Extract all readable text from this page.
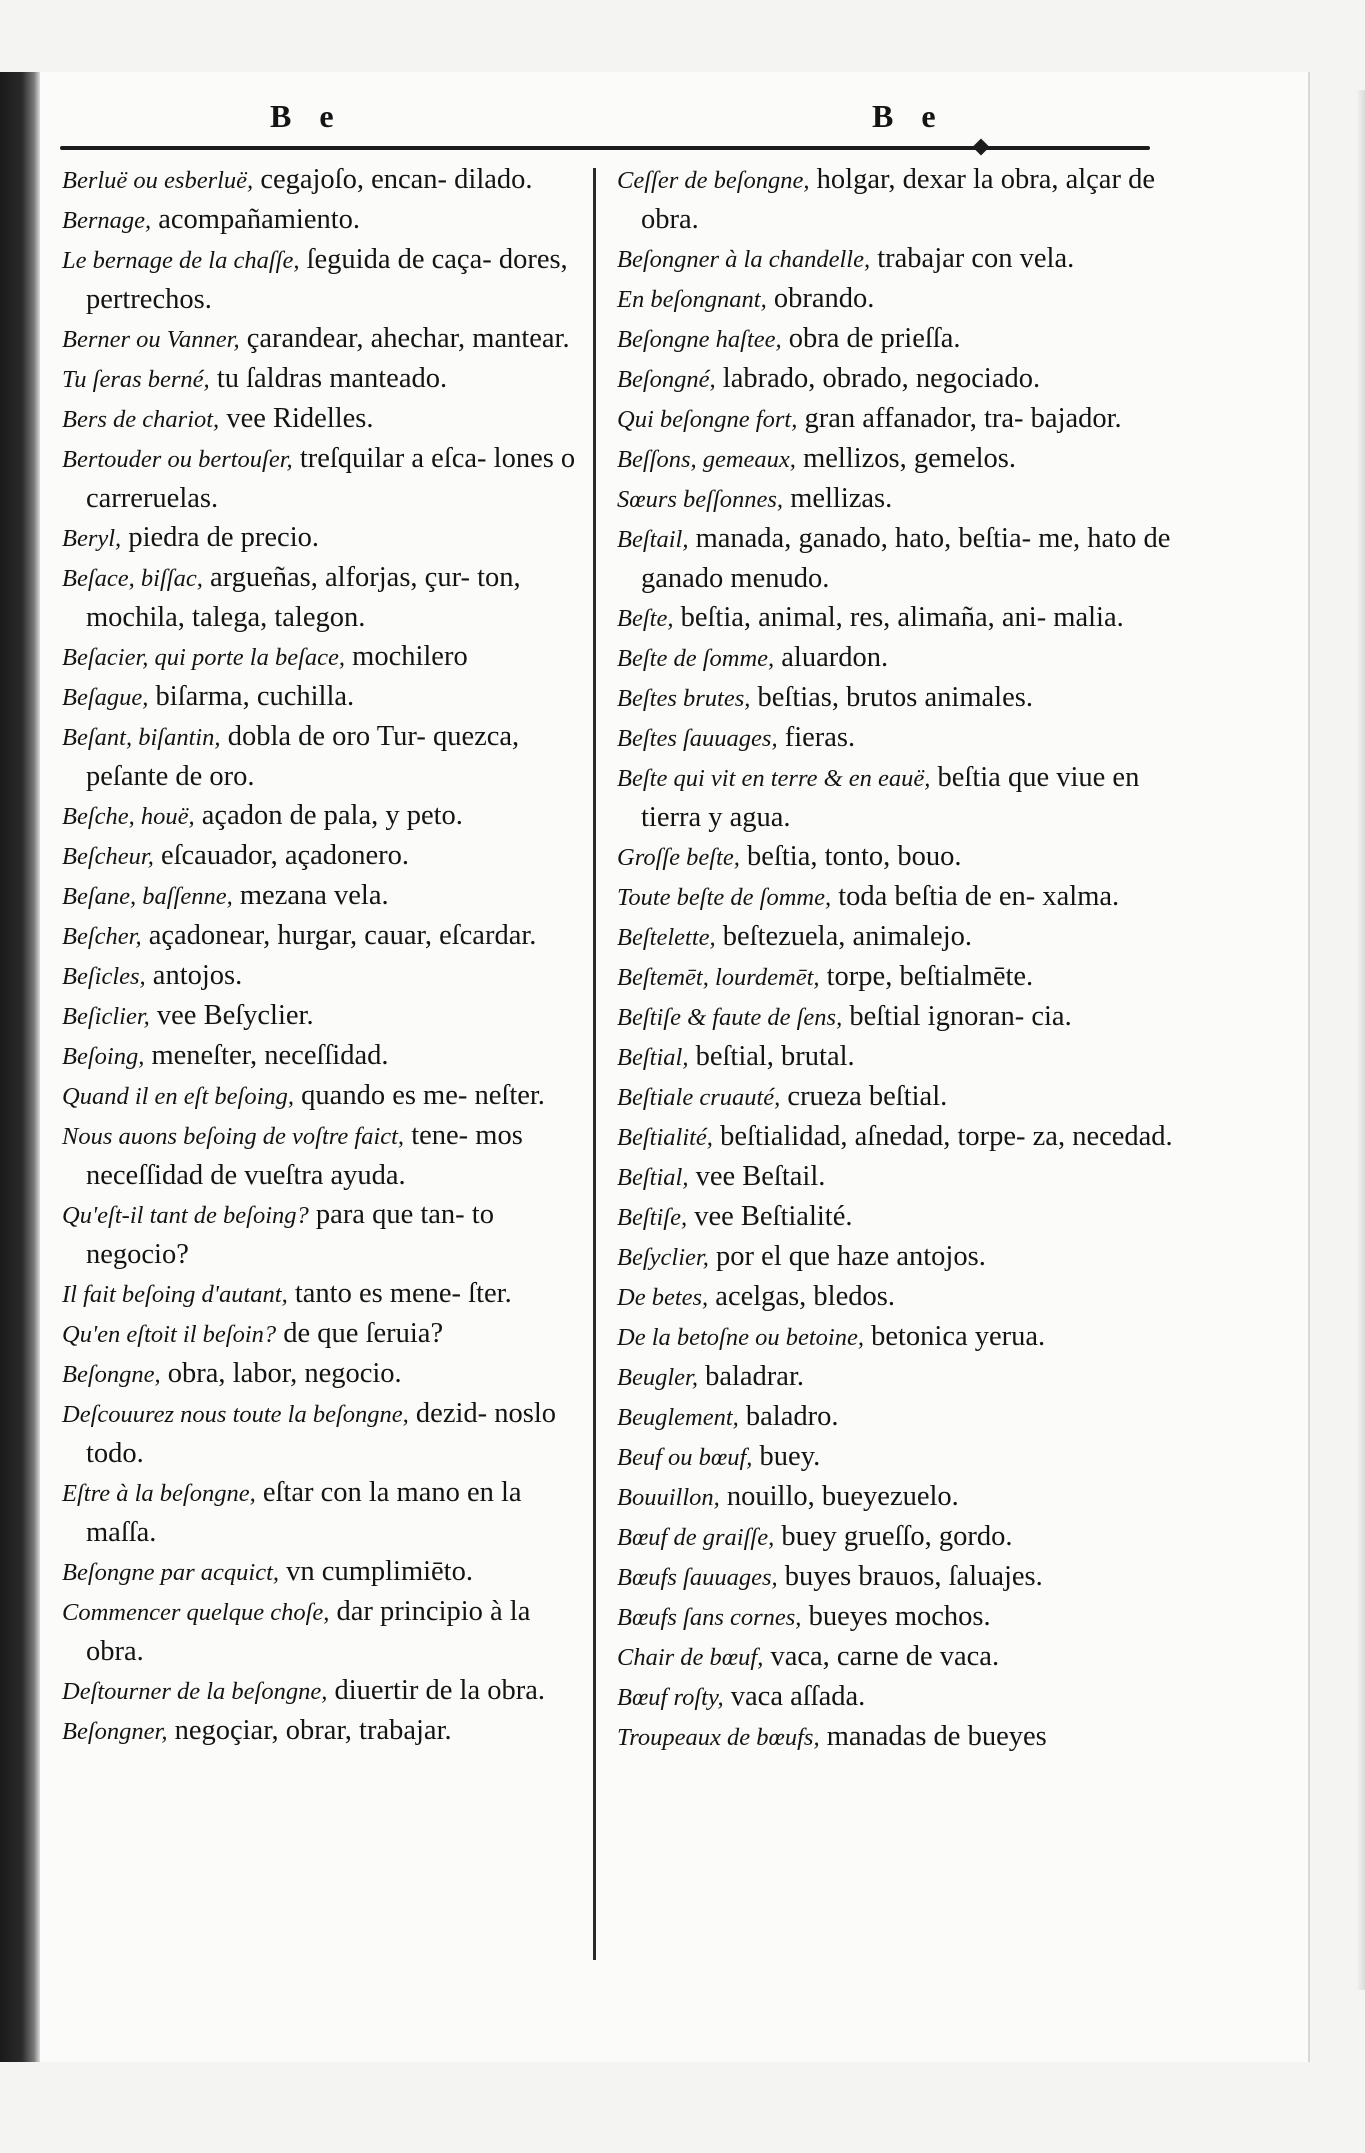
B e	B e

Berluë ou esberluë, cegajoſo, encan- dilado.

Bernage, acompañamiento.

Le bernage de la chaſſe, ſeguida de caça- dores, pertrechos.

Berner ou Vanner, çarandear, ahechar, mantear.

Tu ſeras berné, tu ſaldras manteado.

Bers de chariot, vee Ridelles.

Bertouder ou bertouſer, treſquilar a eſca- lones o carreruelas.

Beryl, piedra de precio.

Beſace, biſſac, argueñas, alforjas, çur- ton, mochila, talega, talegon.

Beſacier, qui porte la beſace, mochilero

Beſague, biſarma, cuchilla.

Beſant, biſantin, dobla de oro Tur- quezca, peſante de oro.

Beſche, houë, açadon de pala, y peto.

Beſcheur, eſcauador, açadonero.

Beſane, baſſenne, mezana vela.

Beſcher, açadonear, hurgar, cauar, eſcardar.

Beſicles, antojos.

Beſiclier, vee Beſyclier.

Beſoing, meneſter, neceſſidad.

Quand il en eſt beſoing, quando es me- neſter.

Nous auons beſoing de voſtre faict, tene- mos neceſſidad de vueſtra ayuda.

Qu'eſt-il tant de beſoing? para que tan- to negocio?

Il fait beſoing d'autant, tanto es mene- ſter.

Qu'en eſtoit il beſoin? de que ſeruia?

Beſongne, obra, labor, negocio.

Deſcouurez nous toute la beſongne, dezid- noslo todo.

Eſtre à la beſongne, eſtar con la mano en la maſſa.

Beſongne par acquict, vn cumplimiēto.

Commencer quelque choſe, dar principio à la obra.

Deſtourner de la beſongne, diuertir de la obra.

Beſongner, negoçiar, obrar, trabajar.

Ceſſer de beſongne, holgar, dexar la obra, alçar de obra.

Beſongner à la chandelle, trabajar con vela.

En beſongnant, obrando.

Beſongne haſtee, obra de prieſſa.

Beſongné, labrado, obrado, negociado.

Qui beſongne fort, gran affanador, tra- bajador.

Beſſons, gemeaux, mellizos, gemelos.

Sœurs beſſonnes, mellizas.

Beſtail, manada, ganado, hato, beſtia- me, hato de ganado menudo.

Beſte, beſtia, animal, res, alimaña, ani- malia.

Beſte de ſomme, aluardon.

Beſtes brutes, beſtias, brutos animales.

Beſtes ſauuages, fieras.

Beſte qui vit en terre & en eauë, beſtia que viue en tierra y agua.

Groſſe beſte, beſtia, tonto, bouo.

Toute beſte de ſomme, toda beſtia de en- xalma.

Beſtelette, beſtezuela, animalejo.

Beſtemēt, lourdemēt, torpe, beſtialmēte.

Beſtiſe & faute de ſens, beſtial ignoran- cia.

Beſtial, beſtial, brutal.

Beſtiale cruauté, crueza beſtial.

Beſtialité, beſtialidad, aſnedad, torpe- za, necedad.

Beſtial, vee Beſtail.

Beſtiſe, vee Beſtialité.

Beſyclier, por el que haze antojos.

De betes, acelgas, bledos.

De la betoſne ou betoine, betonica yerua.

Beugler, baladrar.

Beuglement, baladro.

Beuf ou bœuf, buey.

Bouuillon, nouillo, bueyezuelo.

Bœuf de graiſſe, buey grueſſo, gordo.

Bœufs ſauuages, buyes brauos, ſaluajes.

Bœufs ſans cornes, bueyes mochos.

Chair de bœuf, vaca, carne de vaca.

Bœuf roſty, vaca aſſada.

Troupeaux de bœufs, manadas de bueyes
